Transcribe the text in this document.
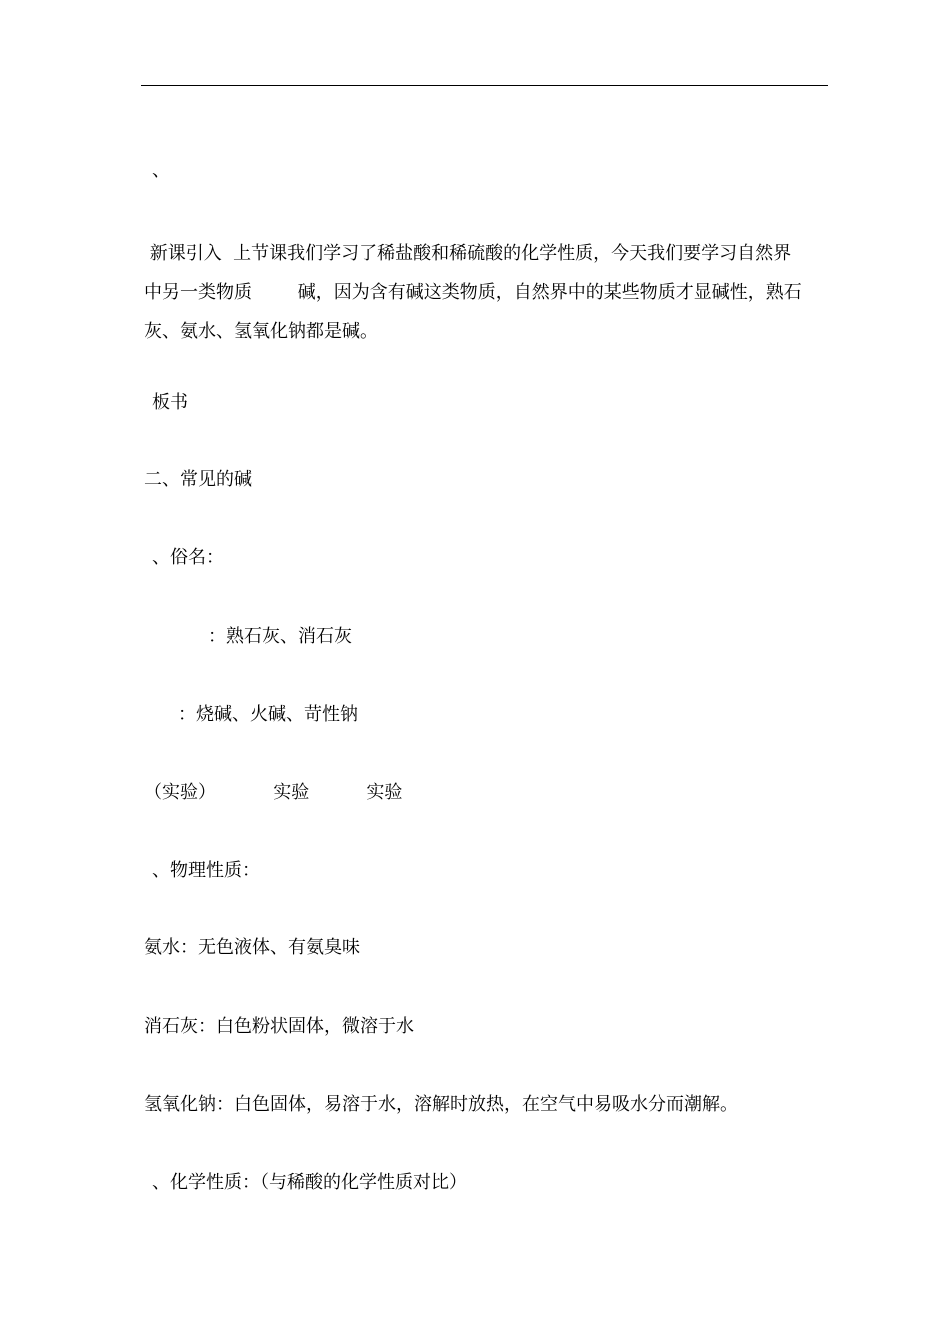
、
新课引入  上节课我们学习了稀盐酸和稀硫酸的化学性质，今天我们要学习自然界
中另一类物质        碱，因为含有碱这类物质，自然界中的某些物质才显碱性，熟石
灰、氨水、氢氧化钠都是碱。
板书
二、常见的碱
、俗名：
：熟石灰、消石灰
：烧碱、火碱、苛性钠
（实验）          实验          实验
、物理性质：
氨水：无色液体、有氨臭味
消石灰：白色粉状固体，微溶于水
氢氧化钠：白色固体，易溶于水，溶解时放热，在空气中易吸水分而潮解。
、化学性质：（与稀酸的化学性质对比）
